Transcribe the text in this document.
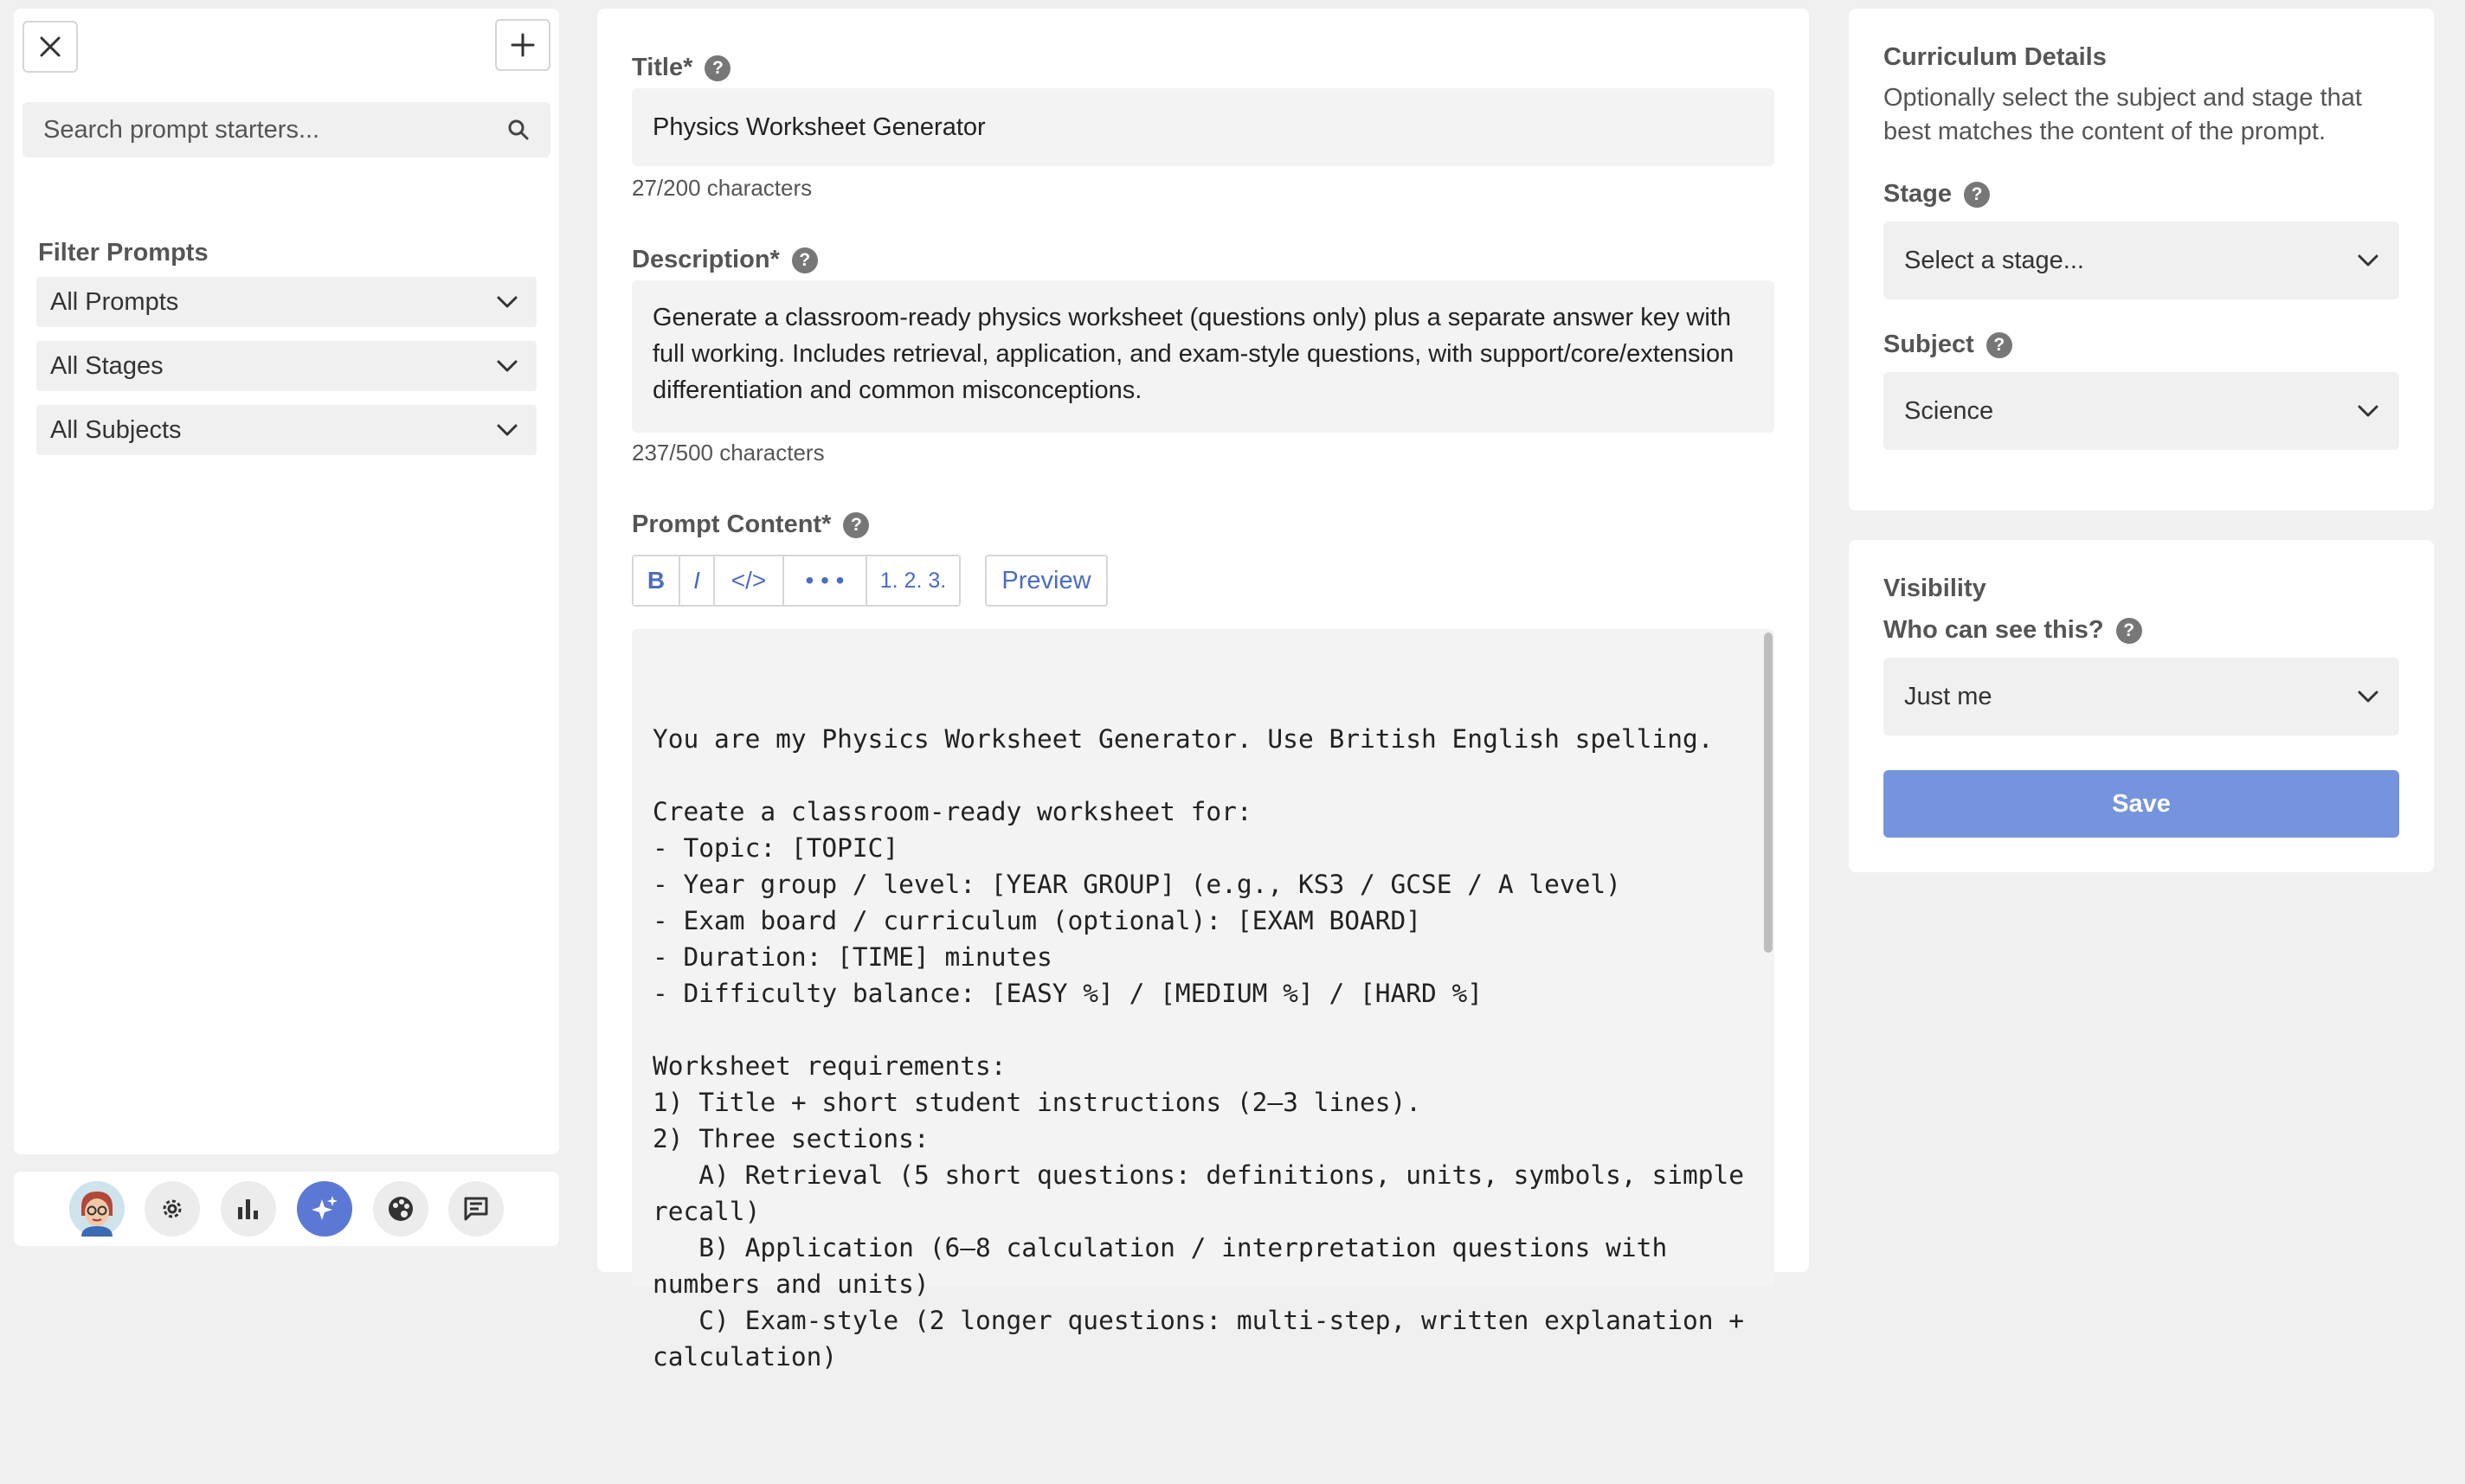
Search prompt starters...
Filter Prompts
All Prompts
All Stages
All Subjects
Title*	?
Physics Worksheet Generator
27/200 characters
Description*	?
Generate a classroom-ready physics worksheet (questions only) plus a separate answer key with full working. Includes retrieval, application, and exam-style questions, with support/core/extension differentiation and common misconceptions.
237/500 characters
Prompt Content*	?
B	I	</>	• • •	1. 2. 3.	Preview

You are my Physics Worksheet Generator. Use British English spelling.

Create a classroom-ready worksheet for:
- Topic: [TOPIC]
- Year group / level: [YEAR GROUP] (e.g., KS3 / GCSE / A level)
- Exam board / curriculum (optional): [EXAM BOARD]
- Duration: [TIME] minutes
- Difficulty balance: [EASY %] / [MEDIUM %] / [HARD %]

Worksheet requirements:
1) Title + short student instructions (2–3 lines).
2) Three sections:
A) Retrieval (5 short questions: definitions, units, symbols, simple recall)
B) Application (6–8 calculation / interpretation questions with numbers and units)
C) Exam-style (2 longer questions: multi-step, written explanation + calculation)

Curriculum Details
Optionally select the subject and stage that best matches the content of the prompt.
Stage	?
Select a stage...
Subject	?
Science
Visibility
Who can see this?	?
Just me
Save
